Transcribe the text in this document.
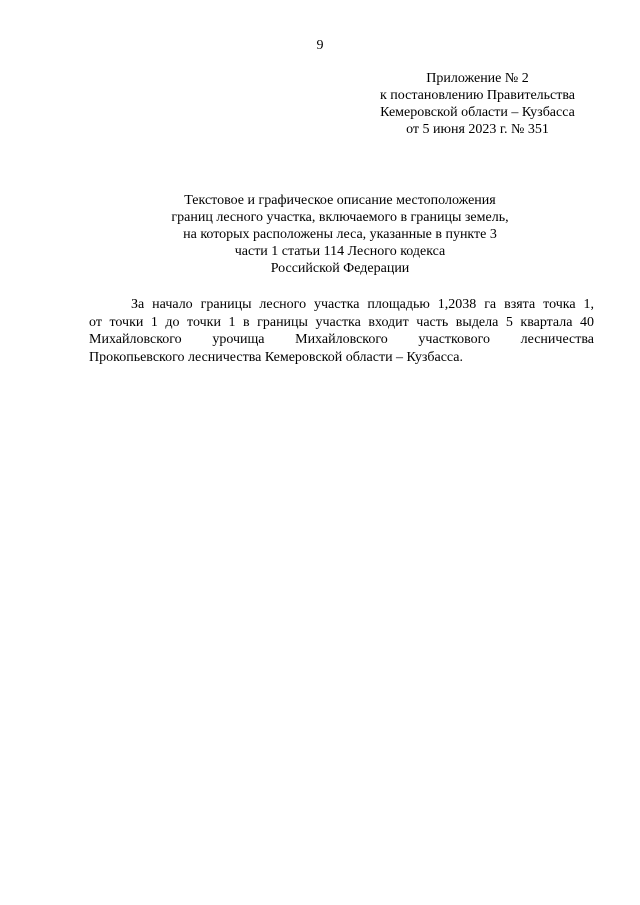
9
Приложение № 2
к постановлению Правительства
Кемеровской области – Кузбасса
от 5 июня 2023 г. № 351
Текстовое и графическое описание местоположения
границ лесного участка, включаемого в границы земель,
на которых расположены леса, указанные в пункте 3
части 1 статьи 114 Лесного кодекса
Российской Федерации
За начало границы лесного участка площадью 1,2038 га взята точка 1,
от точки 1 до точки 1 в границы участка входит часть выдела 5 квартала 40
Михайловского урочища Михайловского участкового лесничества
Прокопьевского лесничества Кемеровской области – Кузбасса.
